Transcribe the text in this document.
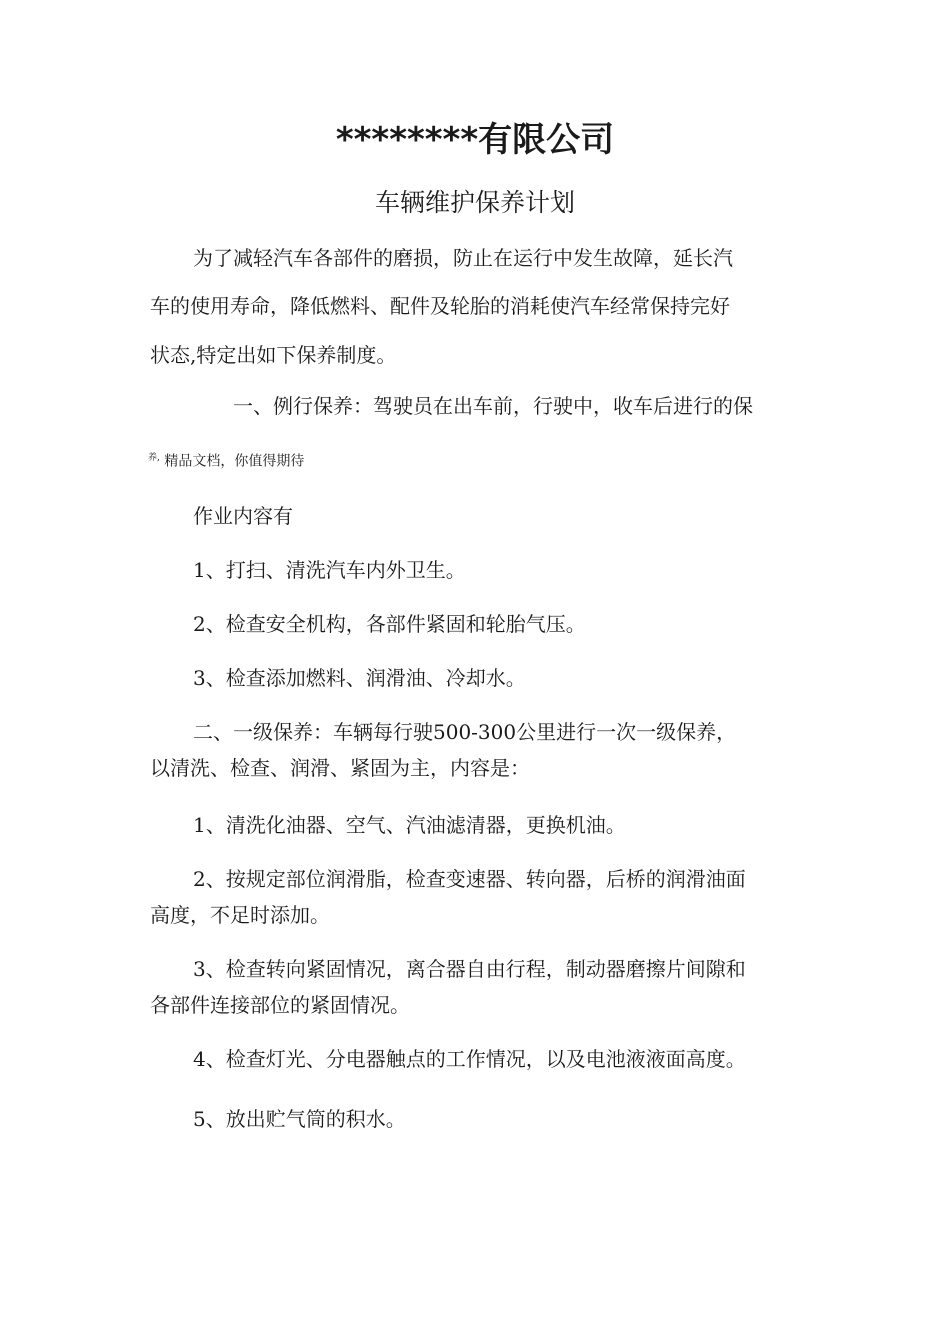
********有限公司
车辆维护保养计划
为了减轻汽车各部件的磨损，防止在运行中发生故障，延长汽
车的使用寿命，降低燃料、配件及轮胎的消耗使汽车经常保持完好
状态,特定出如下保养制度。
一、例行保养：驾驶员在出车前，行驶中，收车后进行的保
$^{养,}$ 精品文档，你值得期待
作业内容有
1、打扫、清洗汽车内外卫生。
2、检查安全机构，各部件紧固和轮胎气压。
3、检查添加燃料、润滑油、冷却水。
二、一级保养：车辆每行驶500-300公里进行一次一级保养，
以清洗、检查、润滑、紧固为主，内容是：
1、清洗化油器、空气、汽油滤清器，更换机油。
2、按规定部位润滑脂，检查变速器、转向器，后桥的润滑油面
高度，不足时添加。
3、检查转向紧固情况，离合器自由行程，制动器磨擦片间隙和
各部件连接部位的紧固情况。
4、检查灯光、分电器触点的工作情况，以及电池液液面高度。
5、放出贮气筒的积水。
